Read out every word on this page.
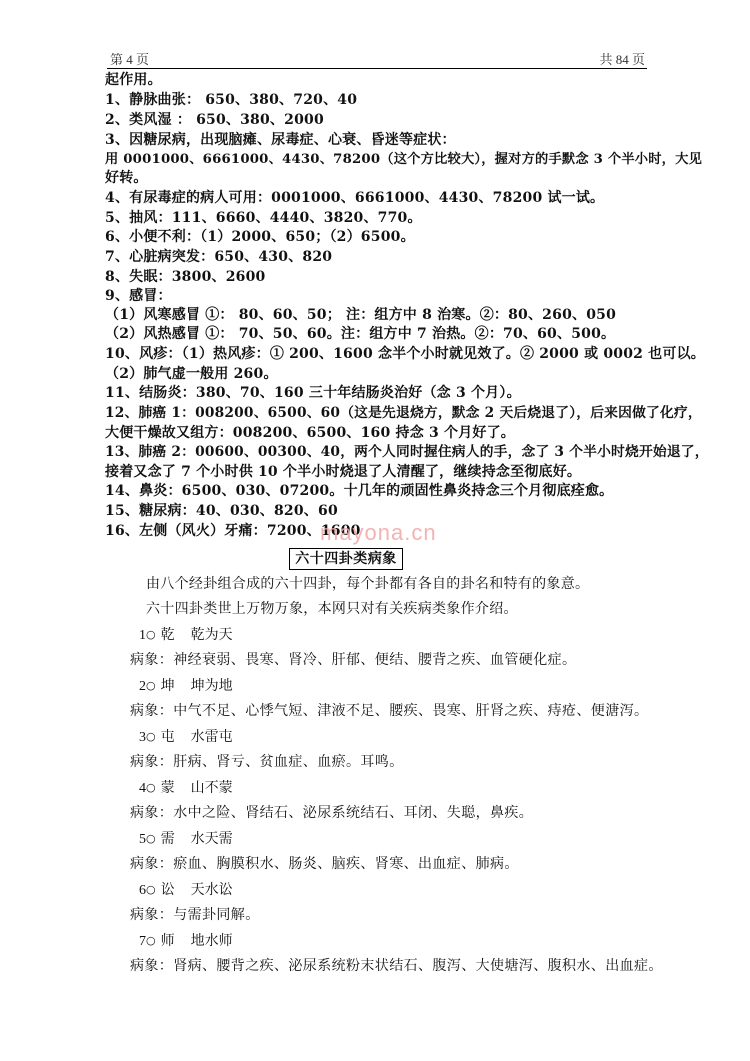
第 4 页	共 84 页
起作用。
1、静脉曲张： 650、380、720、40
2、类风湿 ： 650、380、2000
3、因糖尿病，出现脑瘫、尿毒症、心衰、昏迷等症状：
用 0001000、6661000、4430、78200（这个方比较大），握对方的手默念 3 个半小时，大见
好转。
4、有尿毒症的病人可用：0001000、6661000、4430、78200 试一试。
5、抽风：111、6660、4440、3820、770。
6、小便不利：（1）2000、650；（2）6500。
7、心脏病突发：650、430、820
8、失眠：3800、2600
9、感冒：
（1）风寒感冒 ①： 80、60、50； 注：组方中 8 治寒。②：80、260、050
（2）风热感冒 ①： 70、50、60。注：组方中 7 治热。②：70、60、500。
10、风疹：（1）热风疹：① 200、1600 念半个小时就见效了。② 2000 或 0002 也可以。
（2）肺气虚一般用 260。
11、结肠炎：380、70、160 三十年结肠炎治好（念 3 个月）。
12、肺癌 1：008200、6500、60（这是先退烧方，默念 2 天后烧退了），后来因做了化疗，
大便干燥故又组方：008200、6500、160 持念 3 个月好了。
13、肺癌 2：00600、00300、40，两个人同时握住病人的手，念了 3 个半小时烧开始退了，
接着又念了 7 个小时供 10 个半小时烧退了人清醒了，继续持念至彻底好。
14、鼻炎：6500、030、07200。十几年的顽固性鼻炎持念三个月彻底痊愈。
15、糖尿病：40、030、820、60
16、左侧（风火）牙痛：7200、1600
mayona.cn
六十四卦类病象
由八个经卦组合成的六十四卦，每个卦都有各自的卦名和特有的象意。
六十四卦类世上万物万象，本网只对有关疾病类象作介绍。
1○ 乾 乾为天
病象：神经衰弱、畏寒、肾冷、肝郁、便结、腰背之疾、血管硬化症。
2○ 坤 坤为地
病象：中气不足、心悸气短、津液不足、腰疾、畏寒、肝肾之疾、痔疮、便溏泻。
3○ 屯 水雷屯
病象：肝病、肾亏、贫血症、血瘀。耳鸣。
4○ 蒙 山不蒙
病象：水中之险、肾结石、泌尿系统结石、耳闭、失聪，鼻疾。
5○ 需 水天需
病象：瘀血、胸膜积水、肠炎、脑疾、肾寒、出血症、肺病。
6○ 讼 天水讼
病象：与需卦同解。
7○ 师 地水师
病象：肾病、腰背之疾、泌尿系统粉末状结石、腹泻、大使塘泻、腹积水、出血症。
